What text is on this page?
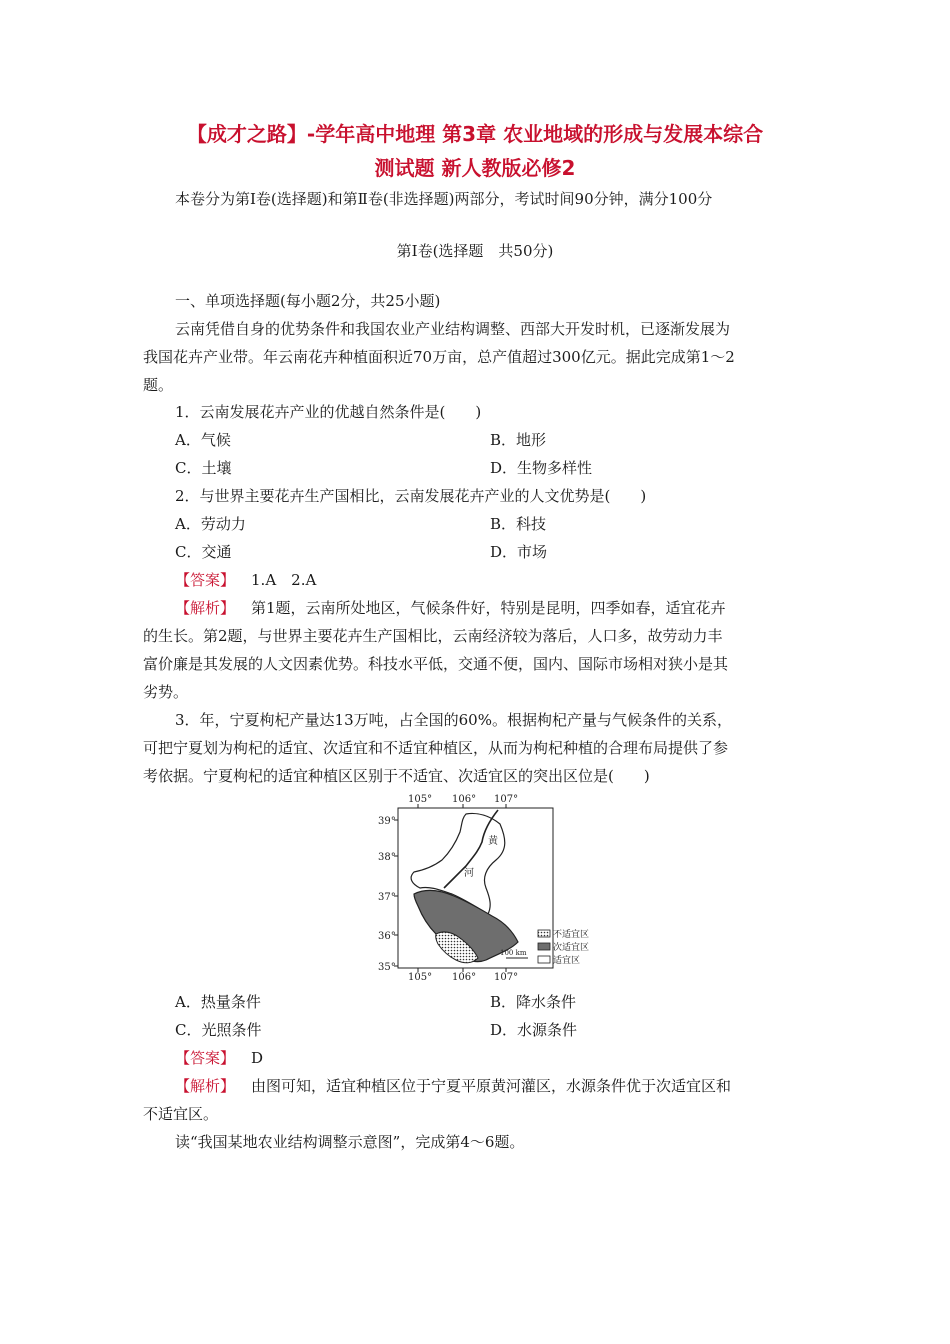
【成才之路】-学年高中地理 第3章 农业地域的形成与发展本综合
测试题 新人教版必修2
本卷分为第Ⅰ卷(选择题)和第Ⅱ卷(非选择题)两部分，考试时间90分钟，满分100分
第Ⅰ卷(选择题　共50分)
一、单项选择题(每小题2分，共25小题)
云南凭借自身的优势条件和我国农业产业结构调整、西部大开发时机，已逐渐发展为
我国花卉产业带。年云南花卉种植面积近70万亩，总产值超过300亿元。据此完成第1～2
题。
1．云南发展花卉产业的优越自然条件是(　　)
A．气候	B．地形
C．土壤	D．生物多样性
2．与世界主要花卉生产国相比，云南发展花卉产业的人文优势是(　　)
A．劳动力	B．科技
C．交通	D．市场
【答案】 1.A　2.A
【解析】 第1题，云南所处地区，气候条件好，特别是昆明，四季如春，适宜花卉
的生长。第2题，与世界主要花卉生产国相比，云南经济较为落后，人口多，故劳动力丰
富价廉是其发展的人文因素优势。科技水平低，交通不便，国内、国际市场相对狭小是其
劣势。
3．年，宁夏枸杞产量达13万吨，占全国的60%。根据枸杞产量与气候条件的关系，
可把宁夏划为枸杞的适宜、次适宜和不适宜种植区，从而为枸杞种植的合理布局提供了参
考依据。宁夏枸杞的适宜种植区区别于不适宜、次适宜区的突出区位是(　　)
黄
河
100 km
105° 106° 107°
105° 106° 107°
39°
38°
37°
36°
35°
不适宜区
次适宜区
适宜区
A．热量条件	B．降水条件
C．光照条件	D．水源条件
【答案】 D
【解析】 由图可知，适宜种植区位于宁夏平原黄河灌区，水源条件优于次适宜区和
不适宜区。
读“我国某地农业结构调整示意图”，完成第4～6题。
